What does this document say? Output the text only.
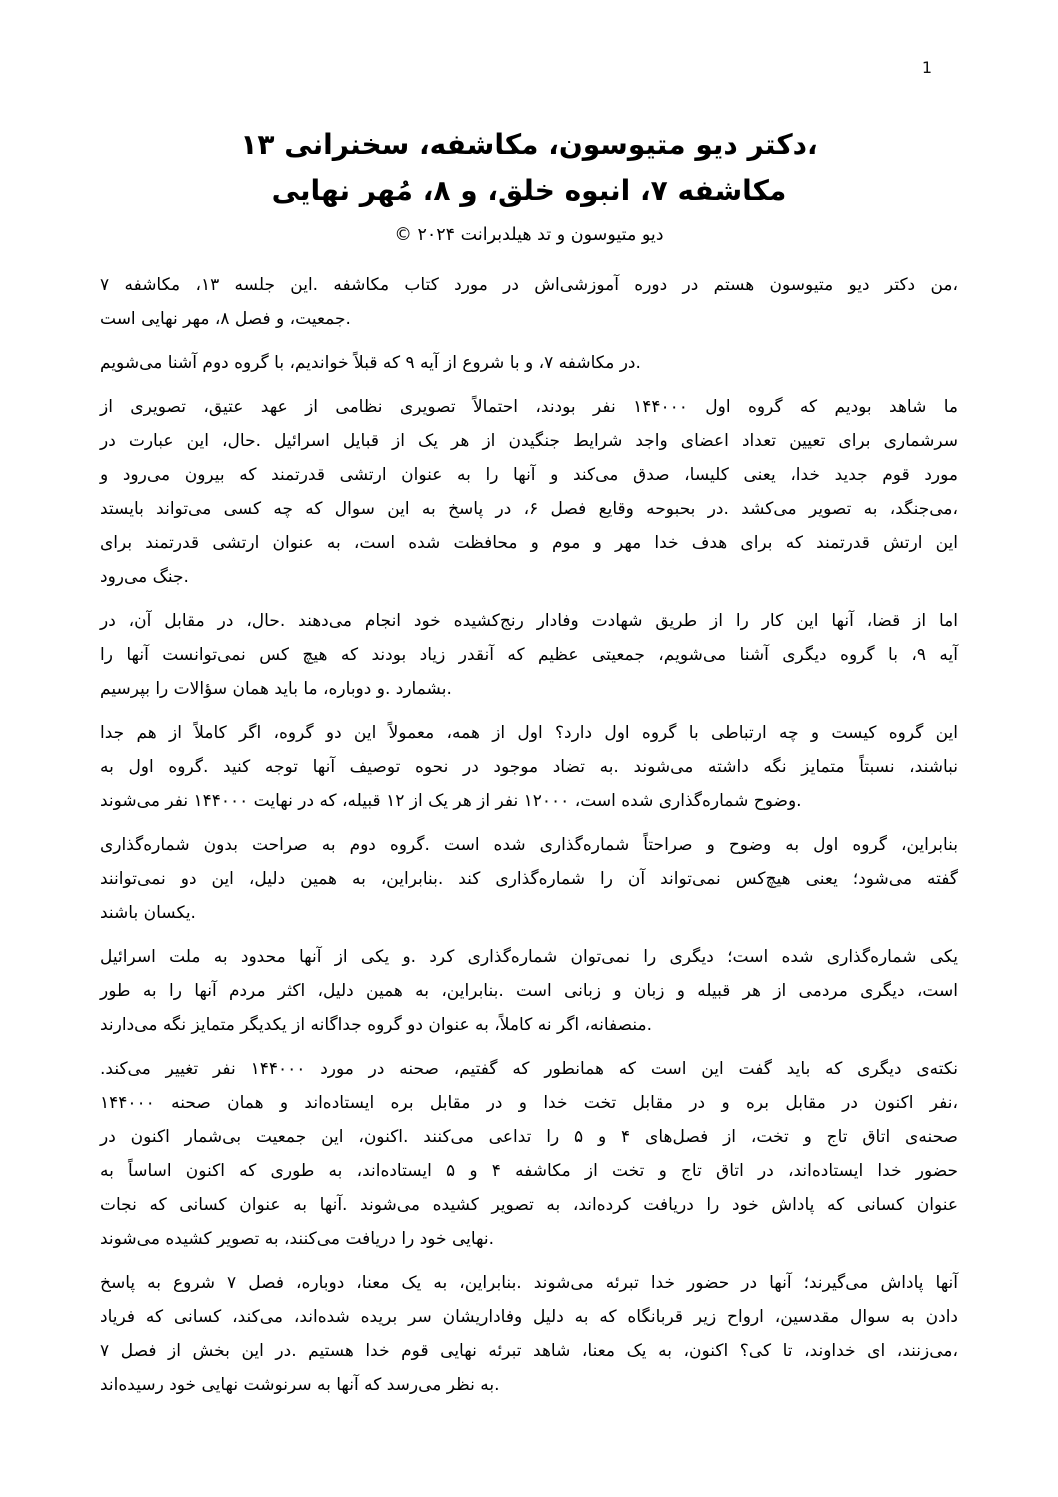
1
،دکتر دیو متیوسون، مکاشفه، سخنرانی ۱۳
مکاشفه ۷، انبوه خلق، و ۸، مُهر نهایی
دیو متیوسون و تد هیلدبرانت ۲۰۲۴ ©
،من دکتر دیو متیوسون هستم در دوره آموزشی‌اش در مورد کتاب مکاشفه .این جلسه ۱۳، مکاشفه ۷
.جمعیت، و فصل ۸، مهر نهایی است
.در مکاشفه ۷، و با شروع از آیه ۹ که قبلاً خواندیم، با گروه دوم آشنا می‌شویم
ما شاهد بودیم که گروه اول ۱۴۴۰۰۰ نفر بودند، احتمالاً تصویری نظامی از عهد عتیق، تصویری از
سرشماری برای تعیین تعداد اعضای واجد شرایط جنگیدن از هر یک از قبایل اسرائیل .حال، این عبارت در
مورد قوم جدید خدا، یعنی کلیسا، صدق می‌کند و آنها را به عنوان ارتشی قدرتمند که بیرون می‌رود و
،می‌جنگد، به تصویر می‌کشد .در بحبوحه وقایع فصل ۶، در پاسخ به این سوال که چه کسی می‌تواند بایستد
این ارتش قدرتمند که برای هدف خدا مهر و موم و محافظت شده است، به عنوان ارتشی قدرتمند برای
.جنگ می‌رود
اما از قضا، آنها این کار را از طریق شهادت وفادار رنج‌کشیده خود انجام می‌دهند .حال، در مقابل آن، در
آیه ۹، با گروه دیگری آشنا می‌شویم، جمعیتی عظیم که آنقدر زیاد بودند که هیچ کس نمی‌توانست آنها را
.بشمارد .و دوباره، ما باید همان سؤالات را بپرسیم
این گروه کیست و چه ارتباطی با گروه اول دارد؟ اول از همه، معمولاً این دو گروه، اگر کاملاً از هم جدا
نباشند، نسبتاً متمایز نگه داشته می‌شوند .به تضاد موجود در نحوه توصیف آنها توجه کنید .گروه اول به
.وضوح شماره‌گذاری شده است، ۱۲۰۰۰ نفر از هر یک از ۱۲ قبیله، که در نهایت ۱۴۴۰۰۰ نفر می‌شوند
بنابراین، گروه اول به وضوح و صراحتاً شماره‌گذاری شده است .گروه دوم به صراحت بدون شماره‌گذاری
گفته می‌شود؛ یعنی هیچ‌کس نمی‌تواند آن را شماره‌گذاری کند .بنابراین، به همین دلیل، این دو نمی‌توانند
.یکسان باشند
یکی شماره‌گذاری شده است؛ دیگری را نمی‌توان شماره‌گذاری کرد .و یکی از آنها محدود به ملت اسرائیل
است، دیگری مردمی از هر قبیله و زبان و زبانی است .بنابراین، به همین دلیل، اکثر مردم آنها را به طور
.منصفانه، اگر نه کاملاً، به عنوان دو گروه جداگانه از یکدیگر متمایز نگه می‌دارند
نکته‌ی دیگری که باید گفت این است که همانطور که گفتیم، صحنه در مورد ۱۴۴۰۰۰ نفر تغییر می‌کند.
،نفر اکنون در مقابل بره و در مقابل تخت خدا و در مقابل بره ایستاده‌اند و همان صحنه ۱۴۴۰۰۰
صحنه‌ی اتاق تاج و تخت، از فصل‌های ۴ و ۵ را تداعی می‌کنند .اکنون، این جمعیت بی‌شمار اکنون در
حضور خدا ایستاده‌اند، در اتاق تاج و تخت از مکاشفه ۴ و ۵ ایستاده‌اند، به طوری که اکنون اساساً به
عنوان کسانی که پاداش خود را دریافت کرده‌اند، به تصویر کشیده می‌شوند .آنها به عنوان کسانی که نجات
.نهایی خود را دریافت می‌کنند، به تصویر کشیده می‌شوند
آنها پاداش می‌گیرند؛ آنها در حضور خدا تبرئه می‌شوند .بنابراین، به یک معنا، دوباره، فصل ۷ شروع به پاسخ
دادن به سوال مقدسین، ارواح زیر قربانگاه که به دلیل وفاداریشان سر بریده شده‌اند، می‌کند، کسانی که فریاد
،می‌زنند، ای خداوند، تا کی؟ اکنون، به یک معنا، شاهد تبرئه نهایی قوم خدا هستیم .در این بخش از فصل ۷
.به نظر می‌رسد که آنها به سرنوشت نهایی خود رسیده‌اند
